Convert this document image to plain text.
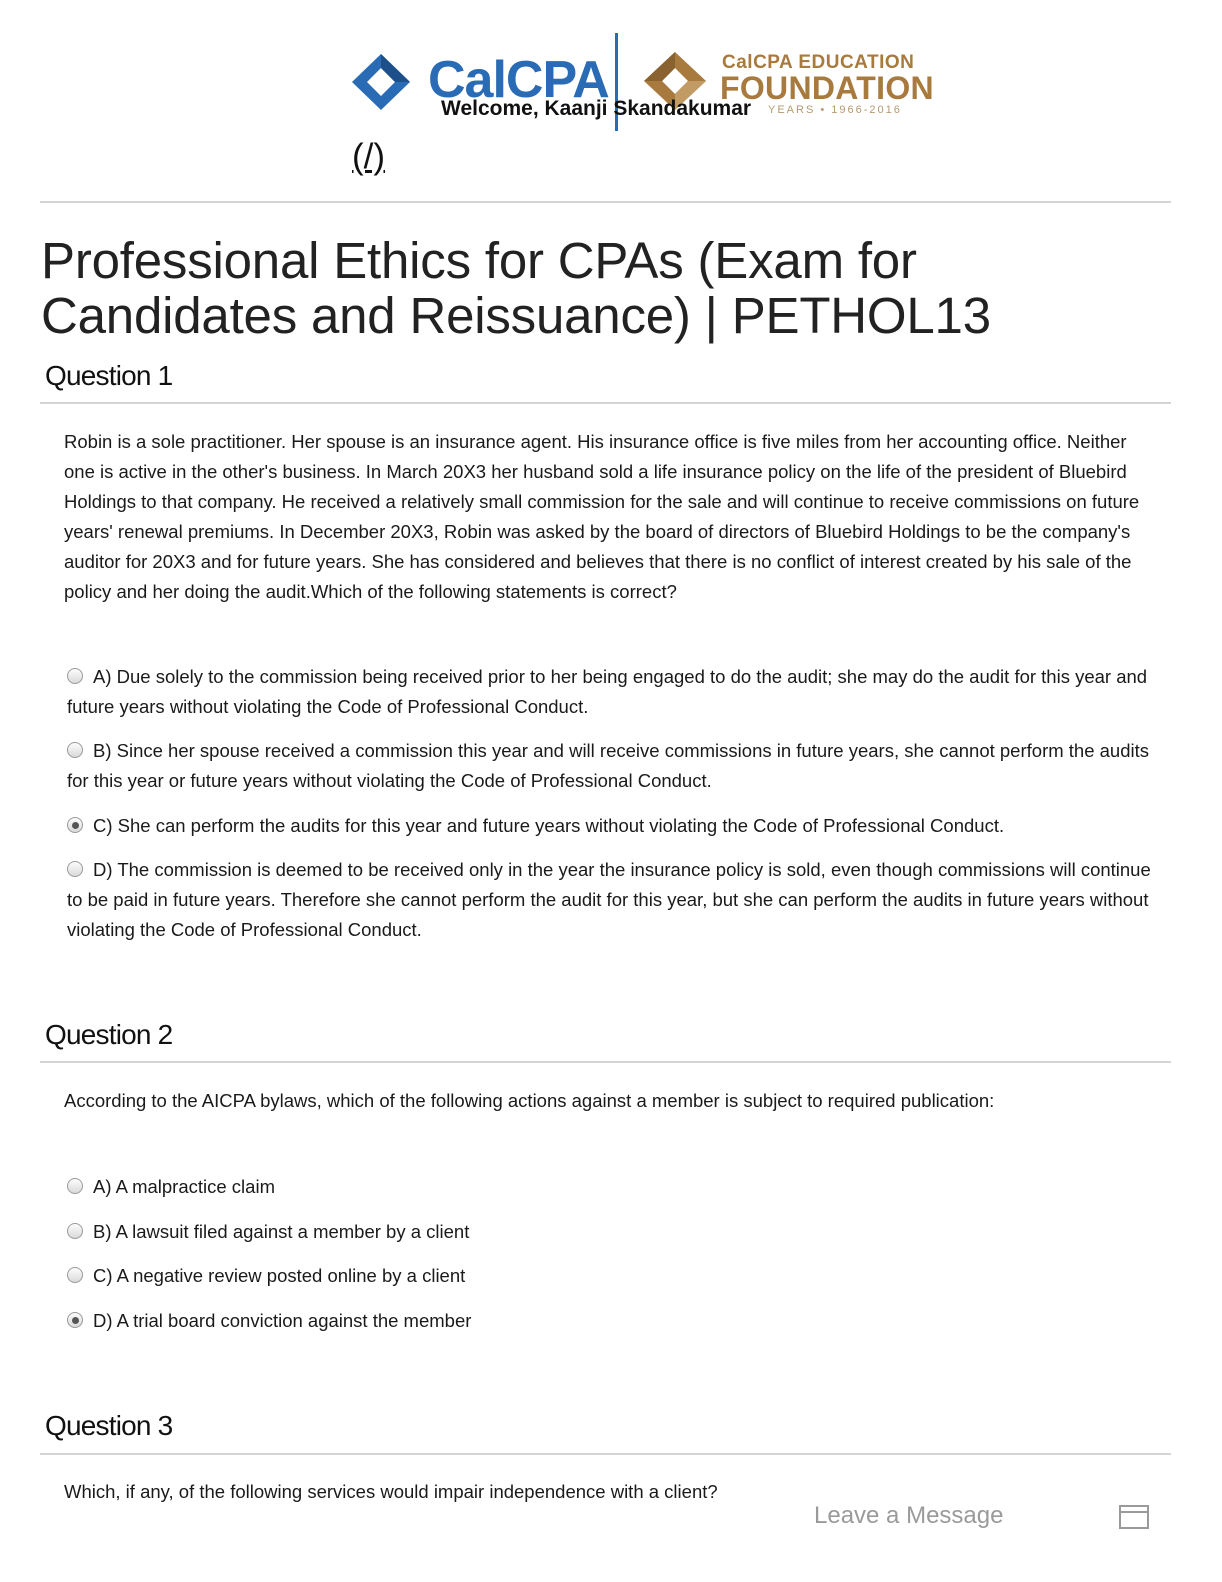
CalCPA	CalCPA EDUCATION
FOUNDATION
YEARS • 1966-2016
Welcome, Kaanji Skandakumar
(/)
Professional Ethics for CPAs (Exam for Candidates and Reissuance) | PETHOL13
Question 1

Robin is a sole practitioner. Her spouse is an insurance agent. His insurance office is five miles from her accounting office. Neither one is active in the other's business. In March 20X3 her husband sold a life insurance policy on the life of the president of Bluebird Holdings to that company. He received a relatively small commission for the sale and will continue to receive commissions on future years' renewal premiums. In December 20X3, Robin was asked by the board of directors of Bluebird Holdings to be the company's auditor for 20X3 and for future years. She has considered and believes that there is no conflict of interest created by his sale of the policy and her doing the audit.Which of the following statements is correct?

A) Due solely to the commission being received prior to her being engaged to do the audit; she may do the audit for this year and future years without violating the Code of Professional Conduct.
B) Since her spouse received a commission this year and will receive commissions in future years, she cannot perform the audits for this year or future years without violating the Code of Professional Conduct.
C) She can perform the audits for this year and future years without violating the Code of Professional Conduct.
D) The commission is deemed to be received only in the year the insurance policy is sold, even though commissions will continue to be paid in future years. Therefore she cannot perform the audit for this year, but she can perform the audits in future years without violating the Code of Professional Conduct.
Question 2

According to the AICPA bylaws, which of the following actions against a member is subject to required publication:

A) A malpractice claim
B) A lawsuit filed against a member by a client
C) A negative review posted online by a client
D) A trial board conviction against the member
Question 3

Which, if any, of the following services would impair independence with a client?

Leave a Message
